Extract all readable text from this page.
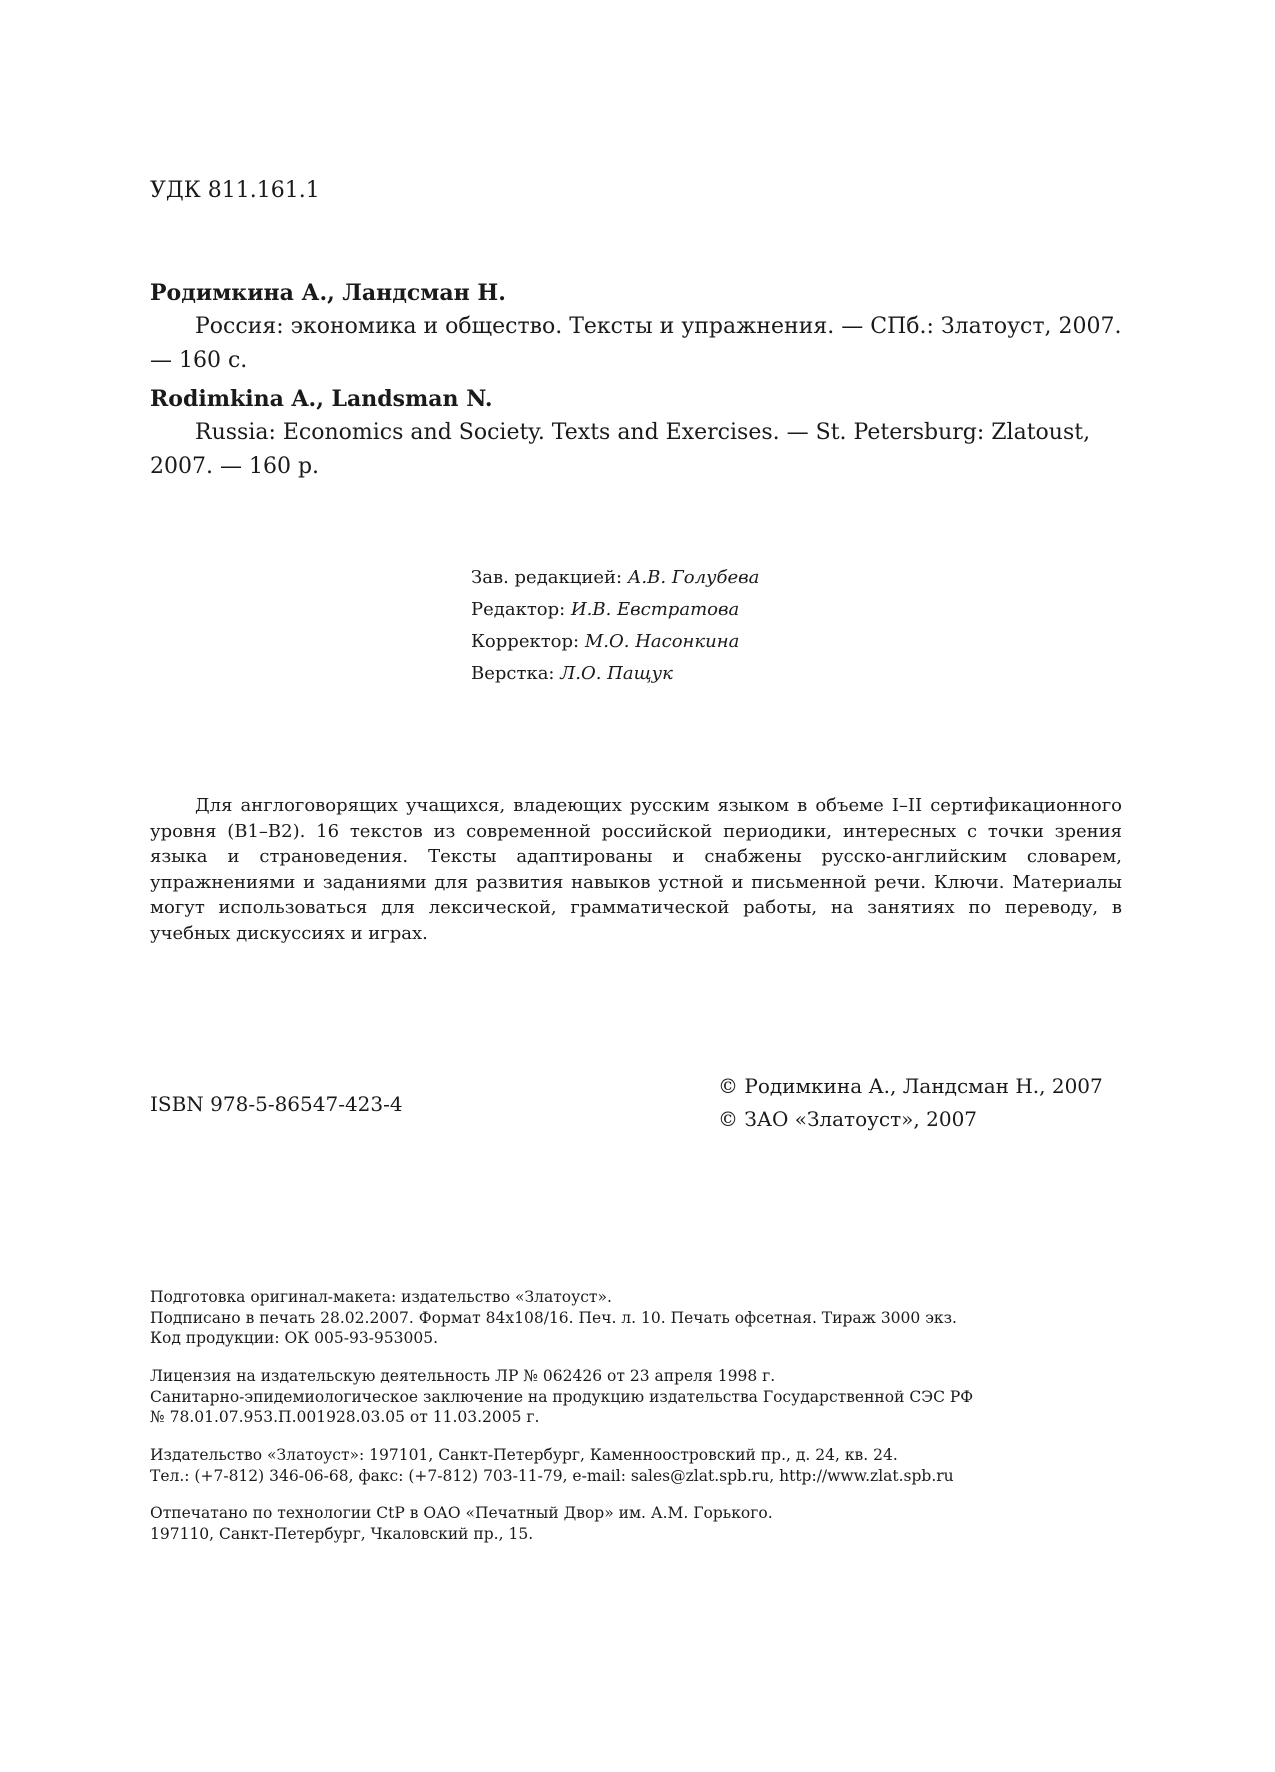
УДК 811.161.1
Родимкина А., Ландсман Н.
Россия: экономика и общество. Тексты и упражнения. — СПб.: Златоуст, 2007. — 160 с.
Rodimkina A., Landsman N.
Russia: Economics and Society. Texts and Exercises. — St. Petersburg: Zlatoust, 2007. — 160 p.
Зав. редакцией: А.В. Голубева
Редактор: И.В. Евстратова
Корректор: М.О. Насонкина
Верстка: Л.О. Пащук
Для англоговорящих учащихся, владеющих русским языком в объеме I–II сертификационного уровня (В1–В2). 16 текстов из современной российской периодики, интересных с точки зрения языка и страноведения. Тексты адаптированы и снабжены русско-английским словарем, упражнениями и заданиями для развития навыков устной и письменной речи. Ключи. Материалы могут использоваться для лексической, грамматической работы, на занятиях по переводу, в учебных дискуссиях и играх.
ISBN 978-5-86547-423-4
© Родимкина А., Ландсман Н., 2007
© ЗАО «Златоуст», 2007
Подготовка оригинал-макета: издательство «Златоуст».
Подписано в печать 28.02.2007. Формат 84x108/16. Печ. л. 10. Печать офсетная. Тираж 3000 экз.
Код продукции: ОК 005-93-953005.
Лицензия на издательскую деятельность ЛР № 062426 от 23 апреля 1998 г.
Санитарно-эпидемиологическое заключение на продукцию издательства Государственной СЭС РФ
№ 78.01.07.953.П.001928.03.05 от 11.03.2005 г.
Издательство «Златоуст»: 197101, Санкт-Петербург, Каменноостровский пр., д. 24, кв. 24.
Тел.: (+7-812) 346-06-68, факс: (+7-812) 703-11-79, e-mail: sales@zlat.spb.ru, http://www.zlat.spb.ru
Отпечатано по технологии CtP в ОАО «Печатный Двор» им. А.М. Горького.
197110, Санкт-Петербург, Чкаловский пр., 15.
